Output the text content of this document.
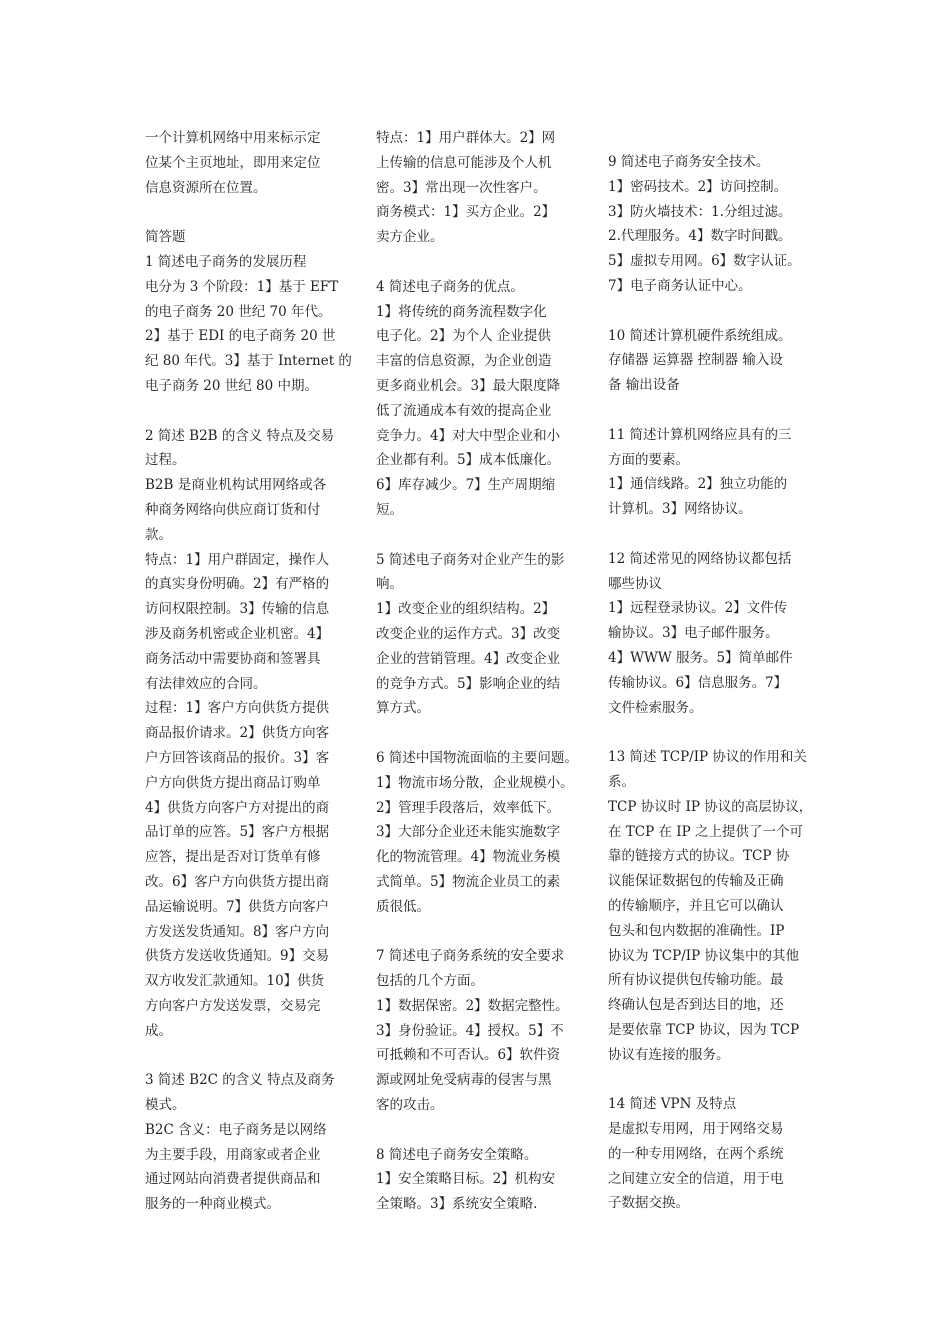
一个计算机网络中用来标示定
位某个主页地址，即用来定位
信息资源所在位置。
简答题
1 简述电子商务的发展历程
电分为 3 个阶段：1】基于 EFT
的电子商务 20 世纪 70 年代。
2】基于 EDI 的电子商务 20 世
纪 80 年代。3】基于 Internet 的
电子商务 20 世纪 80 中期。
2 简述 B2B 的含义 特点及交易
过程。
B2B 是商业机构试用网络或各
种商务网络向供应商订货和付
款。
特点：1】用户群固定，操作人
的真实身份明确。2】有严格的
访问权限控制。3】传输的信息
涉及商务机密或企业机密。4】
商务活动中需要协商和签署具
有法律效应的合同。
过程：1】客户方向供货方提供
商品报价请求。2】供货方向客
户方回答该商品的报价。3】客
户方向供货方提出商品订购单
4】供货方向客户方对提出的商
品订单的应答。5】客户方根据
应答，提出是否对订货单有修
改。6】客户方向供货方提出商
品运输说明。7】供货方向客户
方发送发货通知。8】客户方向
供货方发送收货通知。9】交易
双方收发汇款通知。10】供货
方向客户方发送发票，交易完
成。
3 简述 B2C 的含义 特点及商务
模式。
B2C 含义：电子商务是以网络
为主要手段，用商家或者企业
通过网站向消费者提供商品和
服务的一种商业模式。
特点：1】用户群体大。2】网
上传输的信息可能涉及个人机
密。3】常出现一次性客户。
商务模式：1】买方企业。2】
卖方企业。
4 简述电子商务的优点。
1】将传统的商务流程数字化
电子化。2】为个人 企业提供
丰富的信息资源，为企业创造
更多商业机会。3】最大限度降
低了流通成本有效的提高企业
竞争力。4】对大中型企业和小
企业都有利。5】成本低廉化。
6】库存减少。7】生产周期缩
短。
5 简述电子商务对企业产生的影
响。
1】改变企业的组织结构。2】
改变企业的运作方式。3】改变
企业的营销管理。4】改变企业
的竞争方式。5】影响企业的结
算方式。
6 简述中国物流面临的主要问题。
1】物流市场分散，企业规模小。
2】管理手段落后，效率低下。
3】大部分企业还未能实施数字
化的物流管理。4】物流业务模
式简单。5】物流企业员工的素
质很低。
7 简述电子商务系统的安全要求
包括的几个方面。
1】数据保密。2】数据完整性。
3】身份验证。4】授权。5】不
可抵赖和不可否认。6】软件资
源或网址免受病毒的侵害与黑
客的攻击。
8 简述电子商务安全策略。
1】安全策略目标。2】机构安
全策略。3】系统安全策略.
9 简述电子商务安全技术。
1】密码技术。2】访问控制。
3】防火墙技术：1.分组过滤。
2.代理服务。4】数字时间戳。
5】虚拟专用网。6】数字认证。
7】电子商务认证中心。
10 简述计算机硬件系统组成。
存储器 运算器 控制器 输入设
备 输出设备
11 简述计算机网络应具有的三
方面的要素。
1】通信线路。2】独立功能的
计算机。3】网络协议。
12 简述常见的网络协议都包括
哪些协议
1】远程登录协议。2】文件传
输协议。3】电子邮件服务。
4】WWW 服务。5】简单邮件
传输协议。6】信息服务。7】
文件检索服务。
13 简述 TCP/IP 协议的作用和关
系。
TCP 协议时 IP 协议的高层协议，
在 TCP 在 IP 之上提供了一个可
靠的链接方式的协议。TCP 协
议能保证数据包的传输及正确
的传输顺序，并且它可以确认
包头和包内数据的准确性。IP
协议为 TCP/IP 协议集中的其他
所有协议提供包传输功能。最
终确认包是否到达目的地，还
是要依靠 TCP 协议，因为 TCP
协议有连接的服务。
14 简述 VPN 及特点
是虚拟专用网，用于网络交易
的一种专用网络，在两个系统
之间建立安全的信道，用于电
子数据交换。
